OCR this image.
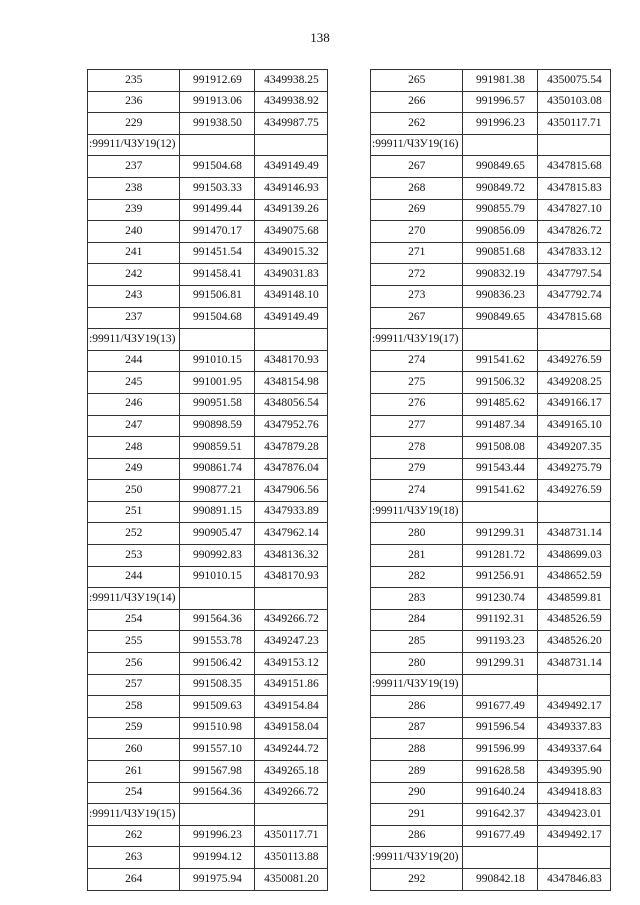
138
235	991912.69	4349938.25
236	991913.06	4349938.92
229	991938.50	4349987.75
:99911/ЧЗУ19(12)		
237	991504.68	4349149.49
238	991503.33	4349146.93
239	991499.44	4349139.26
240	991470.17	4349075.68
241	991451.54	4349015.32
242	991458.41	4349031.83
243	991506.81	4349148.10
237	991504.68	4349149.49
:99911/ЧЗУ19(13)		
244	991010.15	4348170.93
245	991001.95	4348154.98
246	990951.58	4348056.54
247	990898.59	4347952.76
248	990859.51	4347879.28
249	990861.74	4347876.04
250	990877.21	4347906.56
251	990891.15	4347933.89
252	990905.47	4347962.14
253	990992.83	4348136.32
244	991010.15	4348170.93
:99911/ЧЗУ19(14)		
254	991564.36	4349266.72
255	991553.78	4349247.23
256	991506.42	4349153.12
257	991508.35	4349151.86
258	991509.63	4349154.84
259	991510.98	4349158.04
260	991557.10	4349244.72
261	991567.98	4349265.18
254	991564.36	4349266.72
:99911/ЧЗУ19(15)		
262	991996.23	4350117.71
263	991994.12	4350113.88
264	991975.94	4350081.20
265	991981.38	4350075.54
266	991996.57	4350103.08
262	991996.23	4350117.71
:99911/ЧЗУ19(16)		
267	990849.65	4347815.68
268	990849.72	4347815.83
269	990855.79	4347827.10
270	990856.09	4347826.72
271	990851.68	4347833.12
272	990832.19	4347797.54
273	990836.23	4347792.74
267	990849.65	4347815.68
:99911/ЧЗУ19(17)		
274	991541.62	4349276.59
275	991506.32	4349208.25
276	991485.62	4349166.17
277	991487.34	4349165.10
278	991508.08	4349207.35
279	991543.44	4349275.79
274	991541.62	4349276.59
:99911/ЧЗУ19(18)		
280	991299.31	4348731.14
281	991281.72	4348699.03
282	991256.91	4348652.59
283	991230.74	4348599.81
284	991192.31	4348526.59
285	991193.23	4348526.20
280	991299.31	4348731.14
:99911/ЧЗУ19(19)		
286	991677.49	4349492.17
287	991596.54	4349337.83
288	991596.99	4349337.64
289	991628.58	4349395.90
290	991640.24	4349418.83
291	991642.37	4349423.01
286	991677.49	4349492.17
:99911/ЧЗУ19(20)		
292	990842.18	4347846.83
